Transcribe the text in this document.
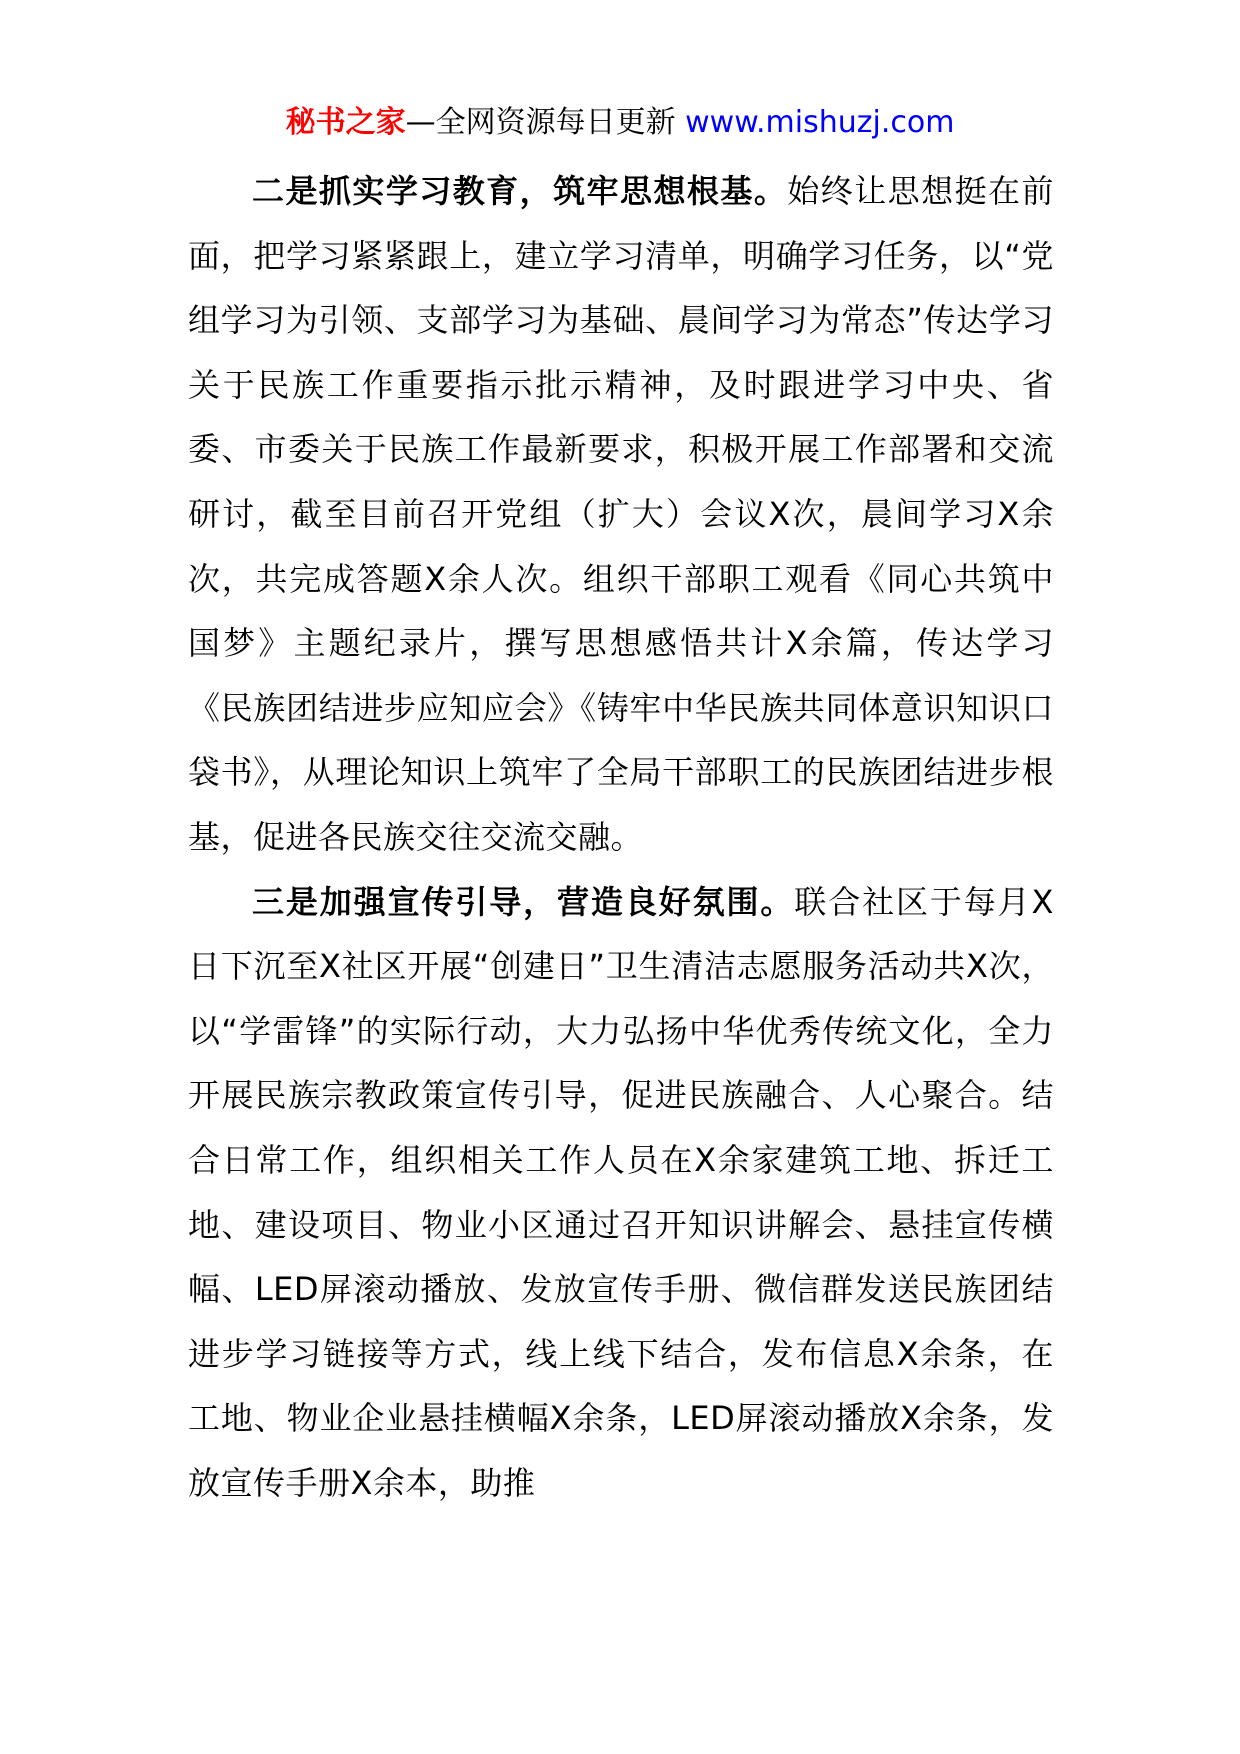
秘书之家—全网资源每日更新 www.mishuzj.com

二是抓实学习教育，筑牢思想根基。始终让思想挺在前面，把学习紧紧跟上，建立学习清单，明确学习任务，以“党组学习为引领、支部学习为基础、晨间学习为常态”传达学习关于民族工作重要指示批示精神，及时跟进学习中央、省委、市委关于民族工作最新要求，积极开展工作部署和交流研讨，截至目前召开党组（扩大）会议X次，晨间学习X余次，共完成答题X余人次。组织干部职工观看《同心共筑中国梦》主题纪录片，撰写思想感悟共计X余篇，传达学习《民族团结进步应知应会》《铸牢中华民族共同体意识知识口袋书》，从理论知识上筑牢了全局干部职工的民族团结进步根基，促进各民族交往交流交融。

三是加强宣传引导，营造良好氛围。联合社区于每月X日下沉至X社区开展“创建日”卫生清洁志愿服务活动共X次，以“学雷锋”的实际行动，大力弘扬中华优秀传统文化，全力开展民族宗教政策宣传引导，促进民族融合、人心聚合。结合日常工作，组织相关工作人员在X余家建筑工地、拆迁工地、建设项目、物业小区通过召开知识讲解会、悬挂宣传横幅、LED屏滚动播放、发放宣传手册、微信群发送民族团结进步学习链接等方式，线上线下结合，发布信息X余条，在工地、物业企业悬挂横幅X余条，LED屏滚动播放X余条，发放宣传手册X余本，助推
